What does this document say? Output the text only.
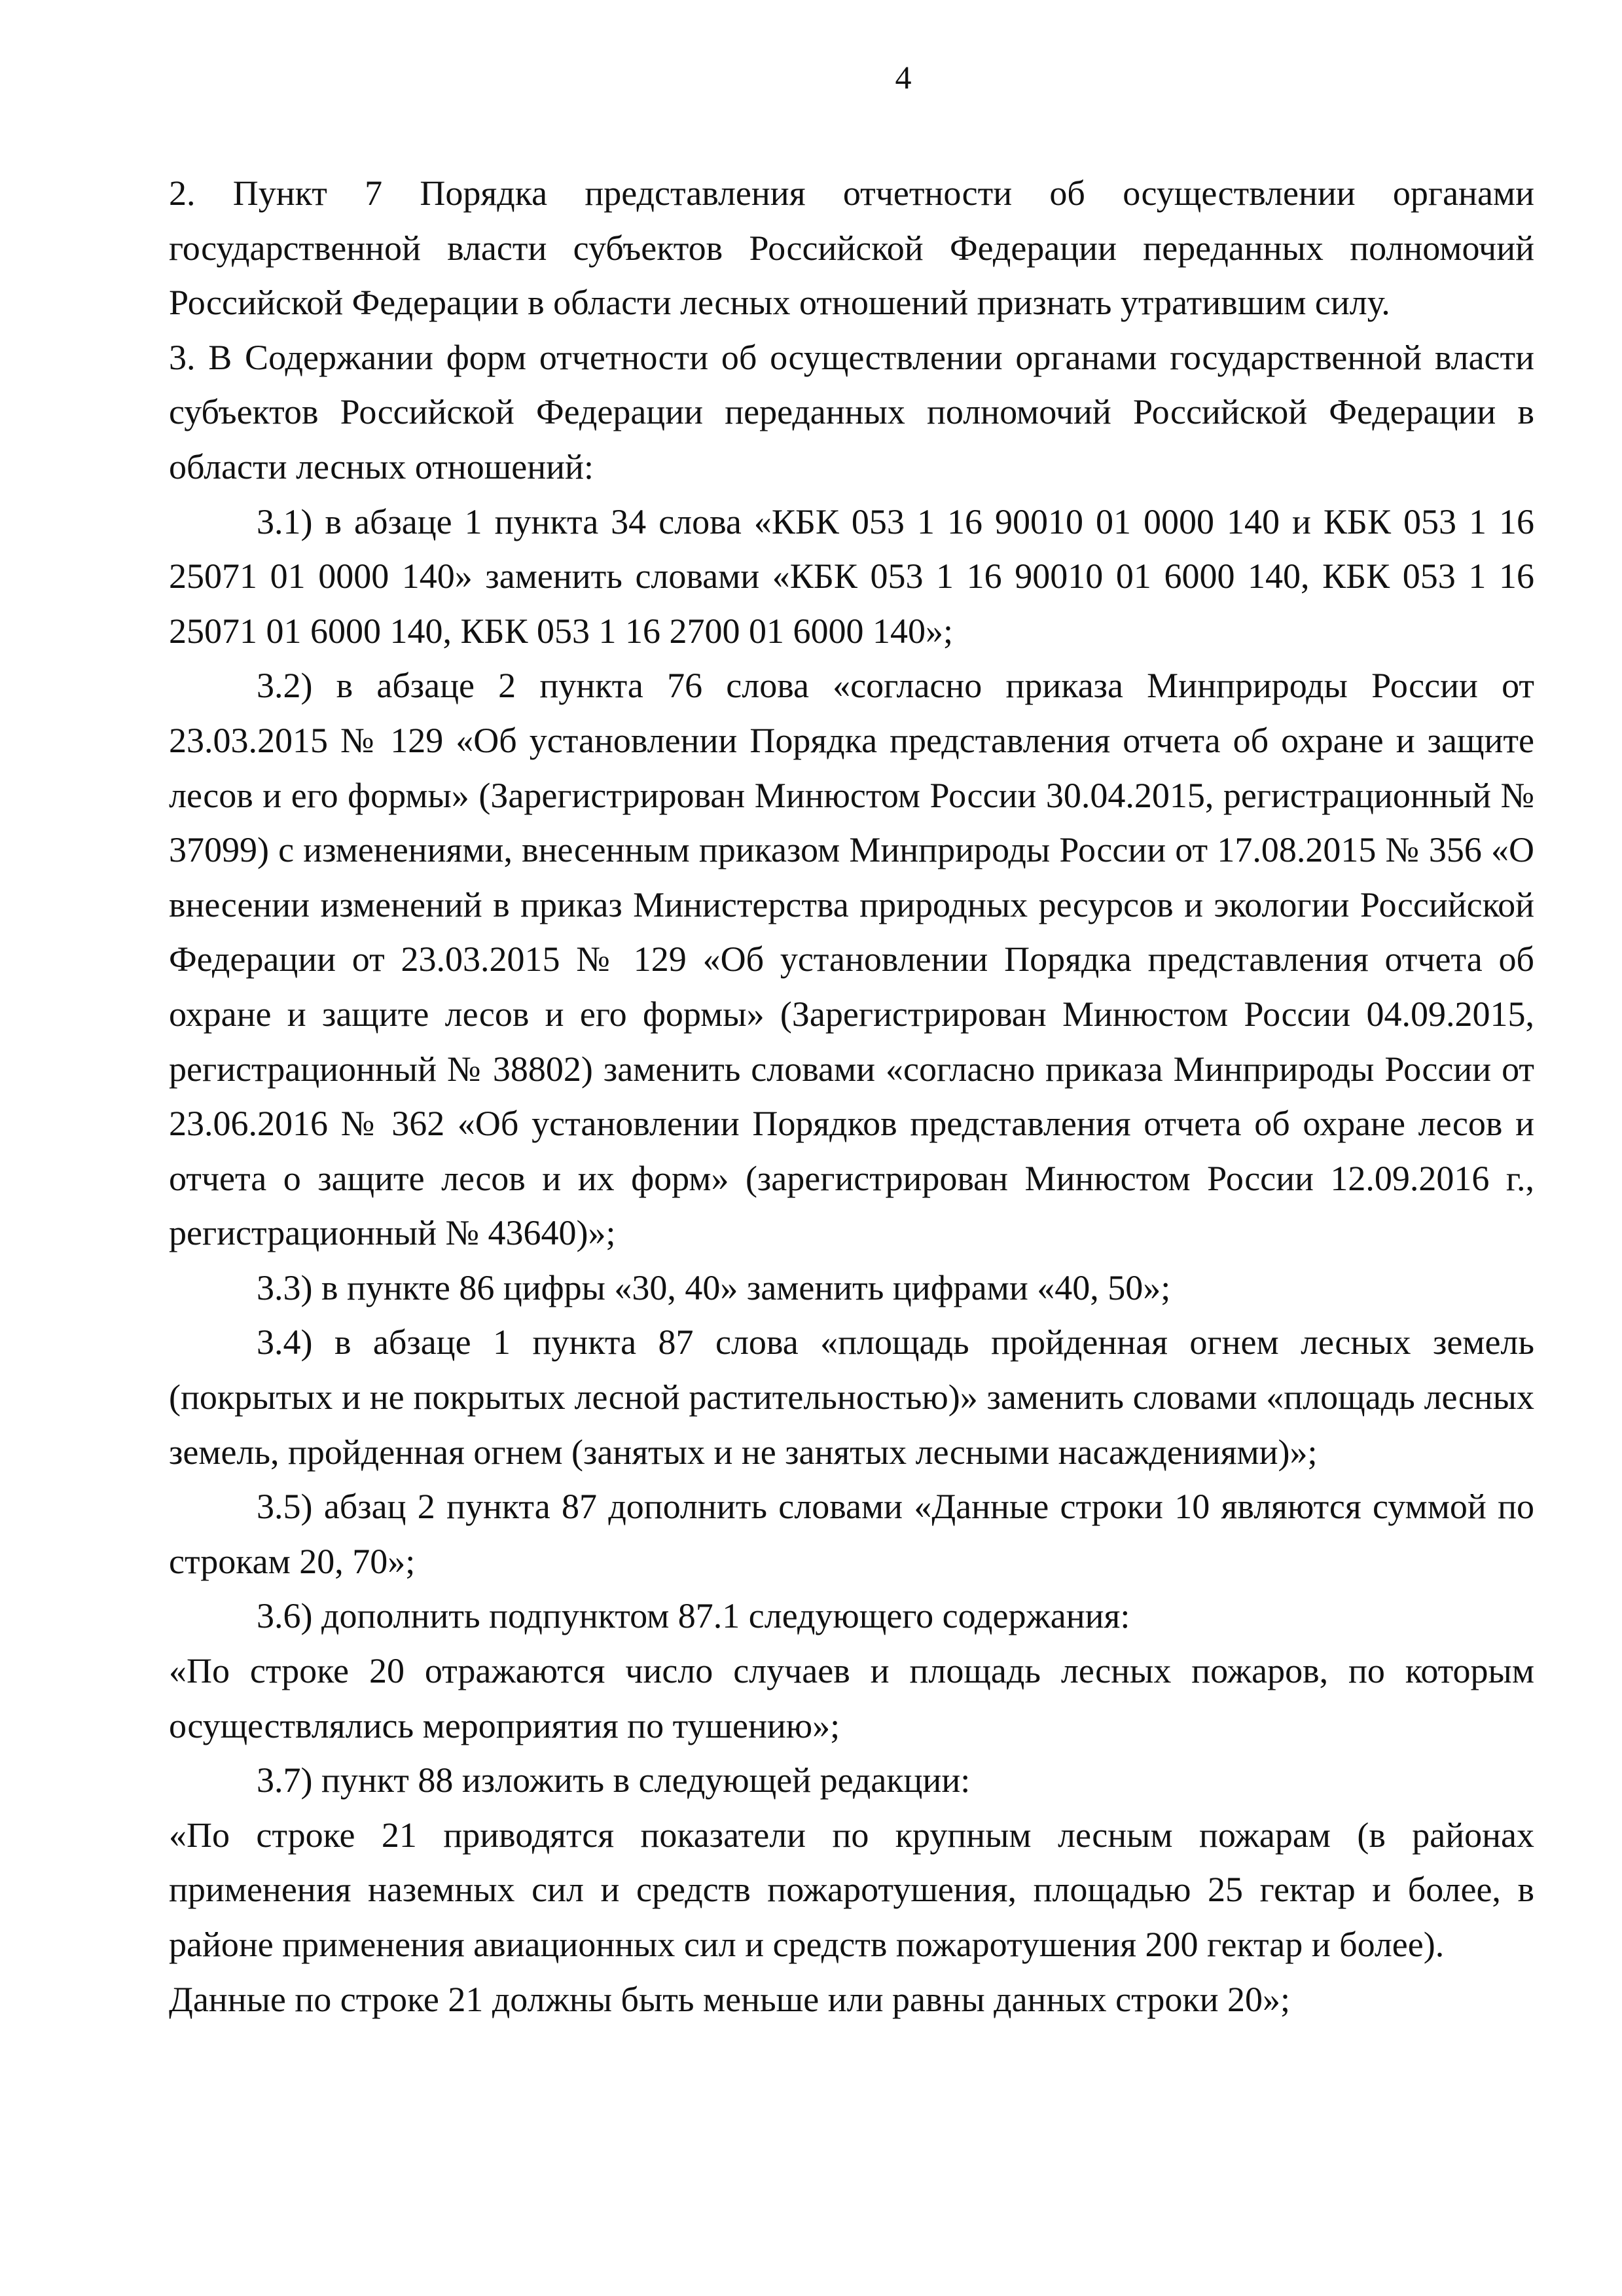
4

2. Пункт 7 Порядка представления отчетности об осуществлении органами государственной власти субъектов Российской Федерации переданных полномочий Российской Федерации в области лесных отношений признать утратившим силу.

3. В Содержании форм отчетности об осуществлении органами государственной власти субъектов Российской Федерации переданных полномочий Российской Федерации в области лесных отношений:

3.1) в абзаце 1 пункта 34 слова «КБК 053 1 16 90010 01 0000 140 и КБК 053 1 16 25071 01 0000 140» заменить словами «КБК 053 1 16 90010 01 6000 140, КБК 053 1 16 25071 01 6000 140, КБК 053 1 16 2700 01 6000 140»;

3.2) в абзаце 2 пункта 76 слова «согласно приказа Минприроды России от 23.03.2015 № 129 «Об установлении Порядка представления отчета об охране и защите лесов и его формы» (Зарегистрирован Минюстом России 30.04.2015, регистрационный № 37099) с изменениями, внесенным приказом Минприроды России от 17.08.2015 № 356 «О внесении изменений в приказ Министерства природных ресурсов и экологии Российской Федерации от 23.03.2015 № 129 «Об установлении Порядка представления отчета об охране и защите лесов и его формы» (Зарегистрирован Минюстом России 04.09.2015, регистрационный № 38802) заменить словами «согласно приказа Минприроды России от 23.06.2016 № 362 «Об установлении Порядков представления отчета об охране лесов и отчета о защите лесов и их форм» (зарегистрирован Минюстом России 12.09.2016 г., регистрационный № 43640)»;

3.3) в пункте 86 цифры «30, 40» заменить цифрами «40, 50»;

3.4) в абзаце 1 пункта 87 слова «площадь пройденная огнем лесных земель (покрытых и не покрытых лесной растительностью)» заменить словами «площадь лесных земель, пройденная огнем (занятых и не занятых лесными насаждениями)»;

3.5) абзац 2 пункта 87 дополнить словами «Данные строки 10 являются суммой по строкам 20, 70»;

3.6) дополнить подпунктом 87.1 следующего содержания:

«По строке 20 отражаются число случаев и площадь лесных пожаров, по которым осуществлялись мероприятия по тушению»;

3.7) пункт 88 изложить в следующей редакции:

«По строке 21 приводятся показатели по крупным лесным пожарам (в районах применения наземных сил и средств пожаротушения, площадью 25 гектар и более, в районе применения авиационных сил и средств пожаротушения 200 гектар и более).

Данные по строке 21 должны быть меньше или равны данных строки 20»;
